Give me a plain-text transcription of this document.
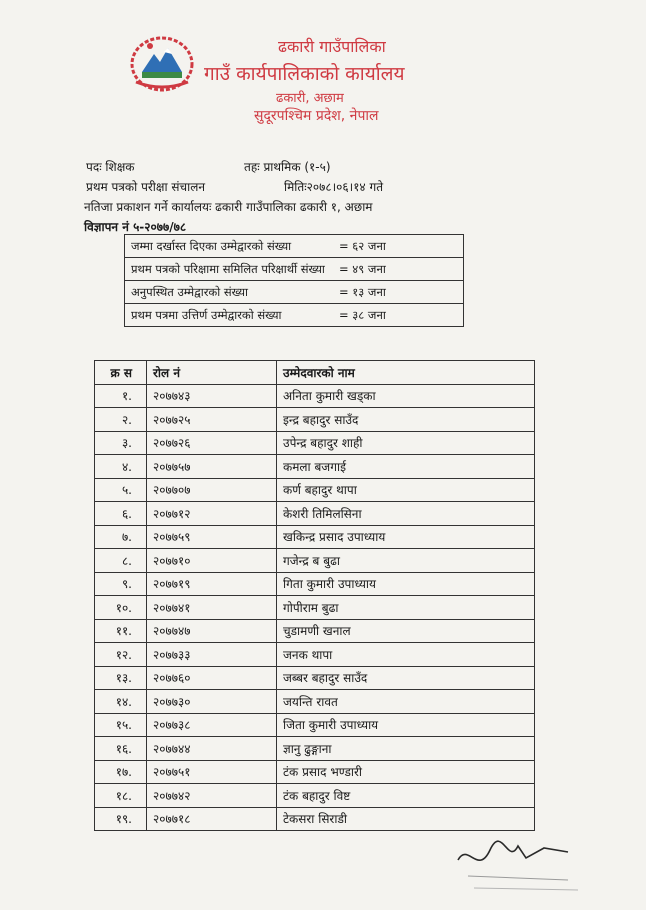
ढकारी गाउँपालिका
गाउँ कार्यपालिकाको कार्यालय
ढकारी, अछाम
सुदूरपश्चिम प्रदेश, नेपाल
पदः शिक्षक	तहः प्राथमिक (१-५)
प्रथम पत्रको परीक्षा संचालन	मितिः२०७८।०६।१४ गते
नतिजा प्रकाशन गर्ने कार्यालयः ढकारी गाउँपालिका ढकारी १, अछाम
विज्ञापन नं ५-२०७७/७८
जम्मा दर्खास्त दिएका उम्मेद्वारको संख्या	= ६२ जना
प्रथम पत्रको परिक्षामा समिलित परिक्षार्थी संख्या = ४९ जना
अनुपस्थित उम्मेद्वारको संख्या	= १३ जना
प्रथम पत्रमा उत्तिर्ण उम्मेद्वारको संख्या	= ३८ जना
क्र स	रोल नं	उम्मेदवारको नाम
१.	२०७७४३	अनिता कुमारी खड्का
२.	२०७७२५	इन्द्र बहादुर साउँद
३.	२०७७२६	उपेन्द्र बहादुर शाही
४.	२०७७५७	कमला बजगाई
५.	२०७७०७	कर्ण बहादुर थापा
६.	२०७७१२	केशरी तिमिलसिना
७.	२०७७५९	खकिन्द्र प्रसाद उपाध्याय
८.	२०७७१०	गजेन्द्र ब बुढा
९.	२०७७१९	गिता कुमारी उपाध्याय
१०.	२०७७४१	गोपीराम बुढा
११.	२०७७४७	चुडामणी खनाल
१२.	२०७७३३	जनक थापा
१३.	२०७७६०	जब्बर बहादुर साउँद
१४.	२०७७३०	जयन्ति रावत
१५.	२०७७३८	जिता कुमारी उपाध्याय
१६.	२०७७४४	ज्ञानु ढुङ्गाना
१७.	२०७७५१	टंक प्रसाद भण्डारी
१८.	२०७७४२	टंक बहादुर विष्ट
१९.	२०७७१८	टेकसरा सिराडी
